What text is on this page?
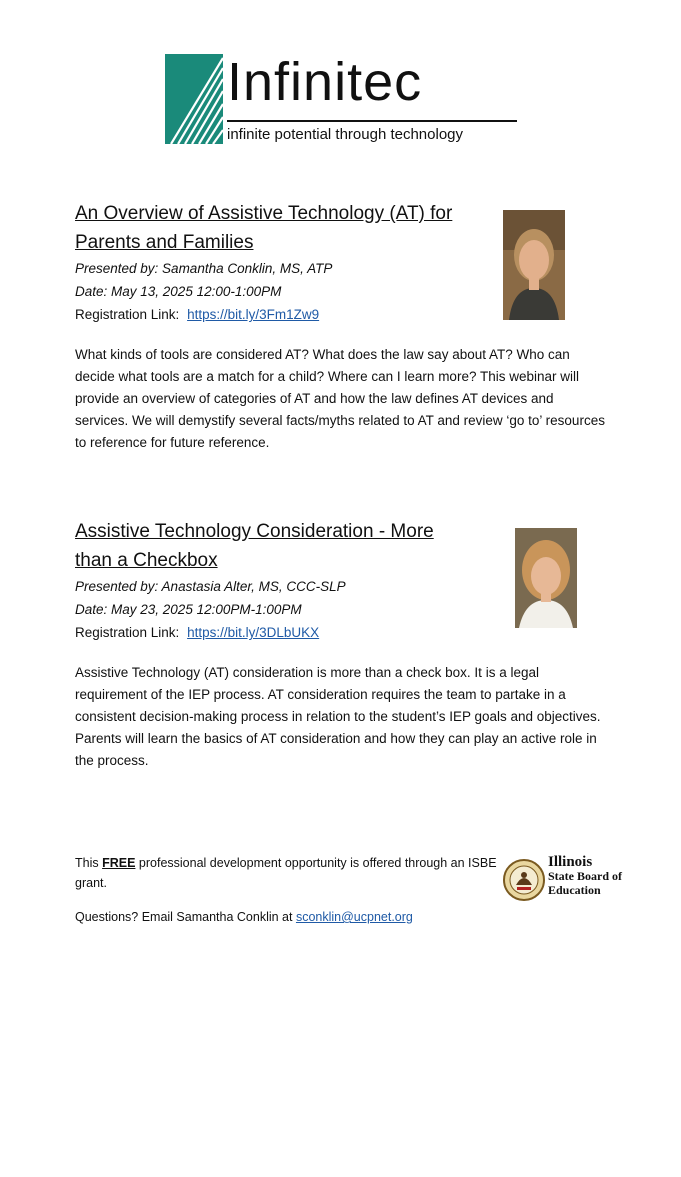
Infinitec
infinite potential through technology

An Overview of Assistive Technology (AT) for Parents and Families

Presented by: Samantha Conklin, MS, ATP

Date: May 13, 2025 12:00-1:00PM

Registration Link: https://bit.ly/3Fm1Zw9

What kinds of tools are considered AT? What does the law say about AT? Who can decide what tools are a match for a child? Where can I learn more? This webinar will provide an overview of categories of AT and how the law defines AT devices and services. We will demystify several facts/myths related to AT and review ‘go to’ resources to reference for future reference.

Assistive Technology Consideration - More than a Checkbox

Presented by: Anastasia Alter, MS, CCC-SLP

Date: May 23, 2025 12:00PM-1:00PM

Registration Link: https://bit.ly/3DLbUKX

Assistive Technology (AT) consideration is more than a check box. It is a legal requirement of the IEP process. AT consideration requires the team to partake in a consistent decision-making process in relation to the student’s IEP goals and objectives. Parents will learn the basics of AT consideration and how they can play an active role in the process.

This FREE professional development opportunity is offered through an ISBE grant.

Questions? Email Samantha Conklin at sconklin@ucpnet.org

Illinois
State Board of
Education
